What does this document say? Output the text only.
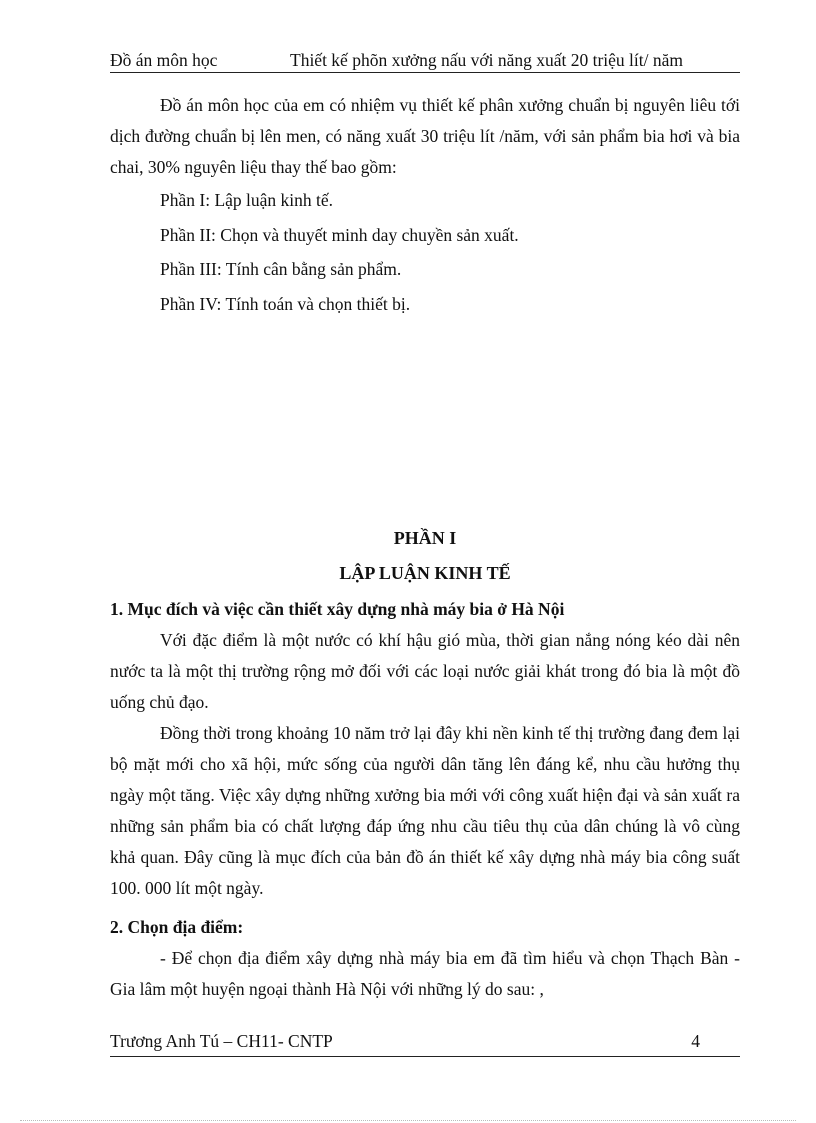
Đồ án môn học	Thiết kế phõn xưởng nấu với năng xuất 20 triệu lít/ năm

Đồ án môn học của em có nhiệm vụ thiết kế phân xưởng chuẩn bị nguyên liêu tới dịch đường chuẩn bị lên men, có năng xuất 30 triệu lít /năm, với sản phẩm bia hơi và bia chai, 30% nguyên liệu thay thế bao gồm:

Phần I: Lập luận kinh tế.

Phần II: Chọn và thuyết minh day chuyền sản xuất.

Phần III: Tính cân bằng sản phẩm.

Phần IV: Tính toán và chọn thiết bị.

PHẦN I
LẬP LUẬN KINH TẾ

1. Mục đích và việc cần thiết xây dựng nhà máy bia ở Hà Nội

Với đặc điểm là một nước có khí hậu gió mùa, thời gian nắng nóng kéo dài nên nước ta là một thị trường rộng mở đối với các loại nước giải khát trong đó bia là một đồ uống chủ đạo.

Đồng thời trong khoảng 10 năm trở lại đây khi nền kinh tế thị trường đang đem lại bộ mặt mới cho xã hội, mức sống của người dân tăng lên đáng kể, nhu cầu hưởng thụ ngày một tăng. Việc xây dựng những xưởng bia mới với công xuất hiện đại và sản xuất ra những sản phẩm bia có chất lượng đáp ứng nhu cầu tiêu thụ của dân chúng là vô cùng khả quan. Đây cũng là mục đích của bản đồ án thiết kế xây dựng nhà máy bia công suất 100. 000 lít một ngày.

2. Chọn địa điểm:

- Để chọn địa điểm xây dựng nhà máy bia em đã tìm hiểu và chọn Thạch Bàn - Gia lâm một huyện ngoại thành Hà Nội với những lý do sau: ,

Trương Anh Tú – CH11- CNTP	4
